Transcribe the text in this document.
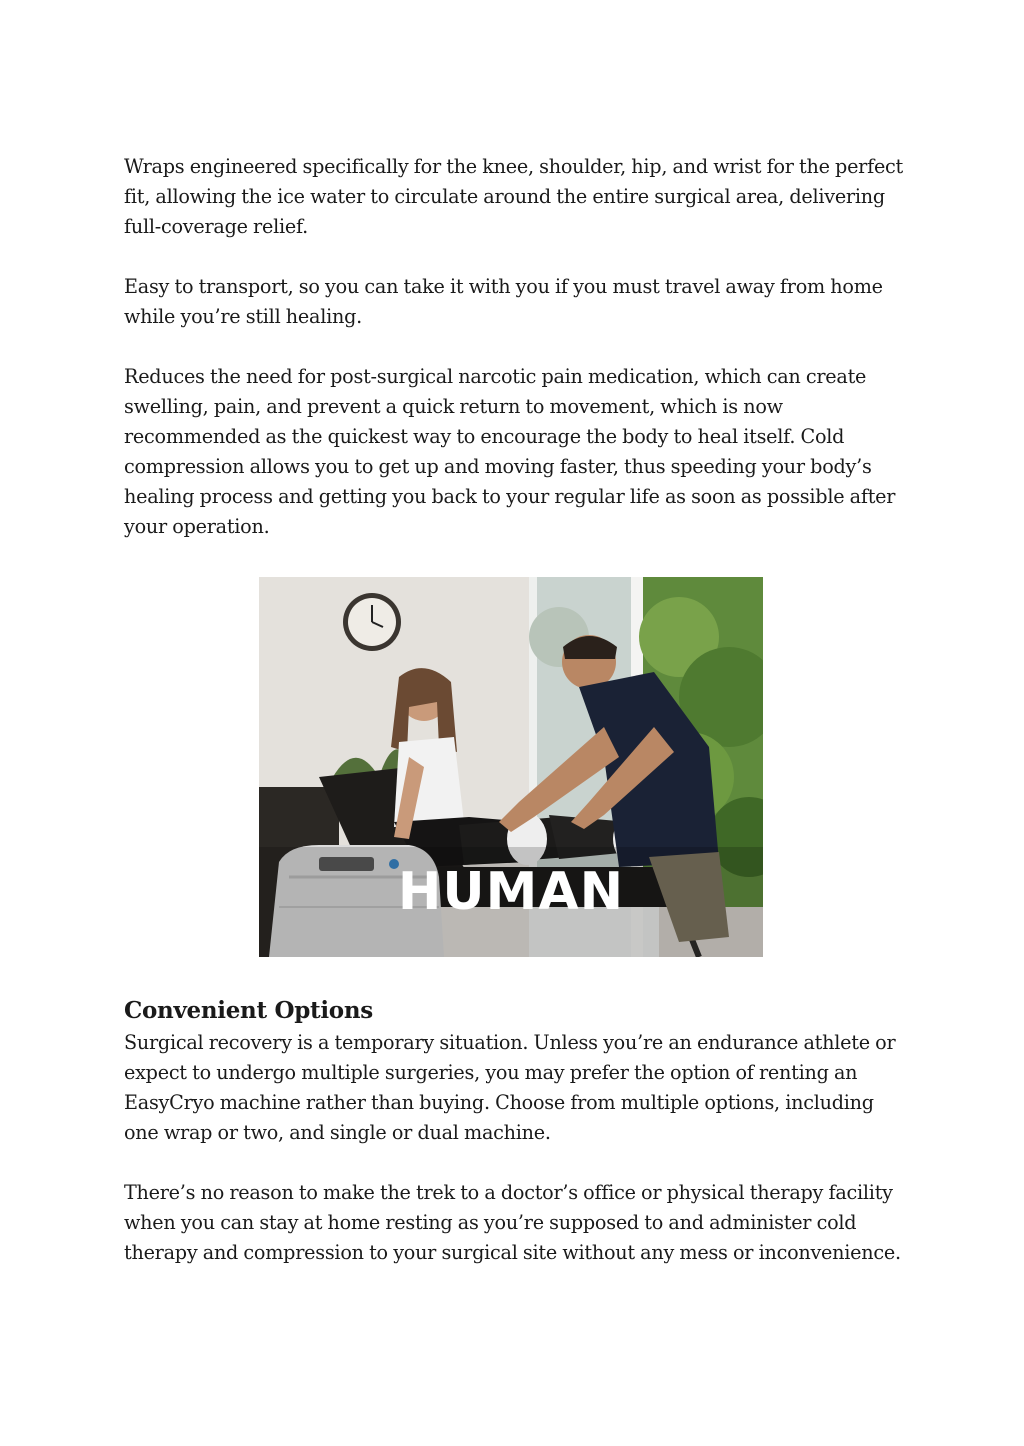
Wraps engineered specifically for the knee, shoulder, hip, and wrist for the perfect fit, allowing the ice water to circulate around the entire surgical area, delivering full-coverage relief.

Easy to transport, so you can take it with you if you must travel away from home while you’re still healing.

Reduces the need for post-surgical narcotic pain medication, which can create swelling, pain, and prevent a quick return to movement, which is now recommended as the quickest way to encourage the body to heal itself. Cold compression allows you to get up and moving faster, thus speeding your body’s healing process and getting you back to your regular life as soon as possible after your operation.

HUMAN
Convenient Options

Surgical recovery is a temporary situation. Unless you’re an endurance athlete or expect to undergo multiple surgeries, you may prefer the option of renting an EasyCryo machine rather than buying. Choose from multiple options, including one wrap or two, and single or dual machine.

There’s no reason to make the trek to a doctor’s office or physical therapy facility when you can stay at home resting as you’re supposed to and administer cold therapy and compression to your surgical site without any mess or inconvenience.
